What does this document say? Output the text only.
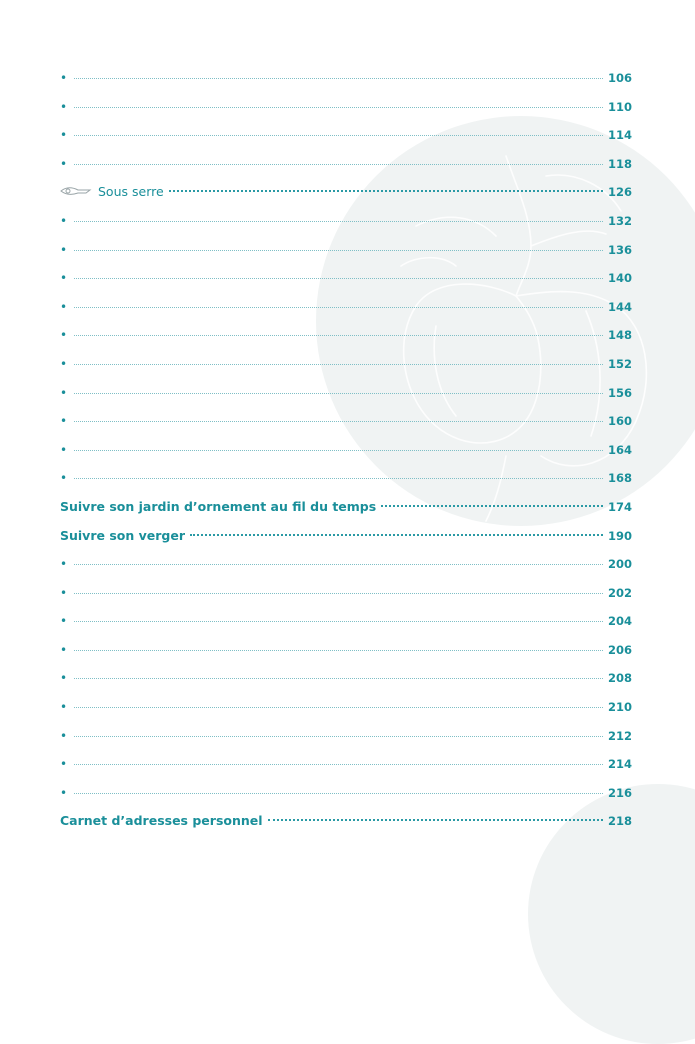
•	106
•	110
•	114
•	118
Sous serre	126
•	132
•	136
•	140
•	144
•	148
•	152
•	156
•	160
•	164
•	168
Suivre son jardin d’ornement au fil du temps	174
Suivre son verger	190
•	200
•	202
•	204
•	206
•	208
•	210
•	212
•	214
•	216
Carnet d’adresses personnel	218
